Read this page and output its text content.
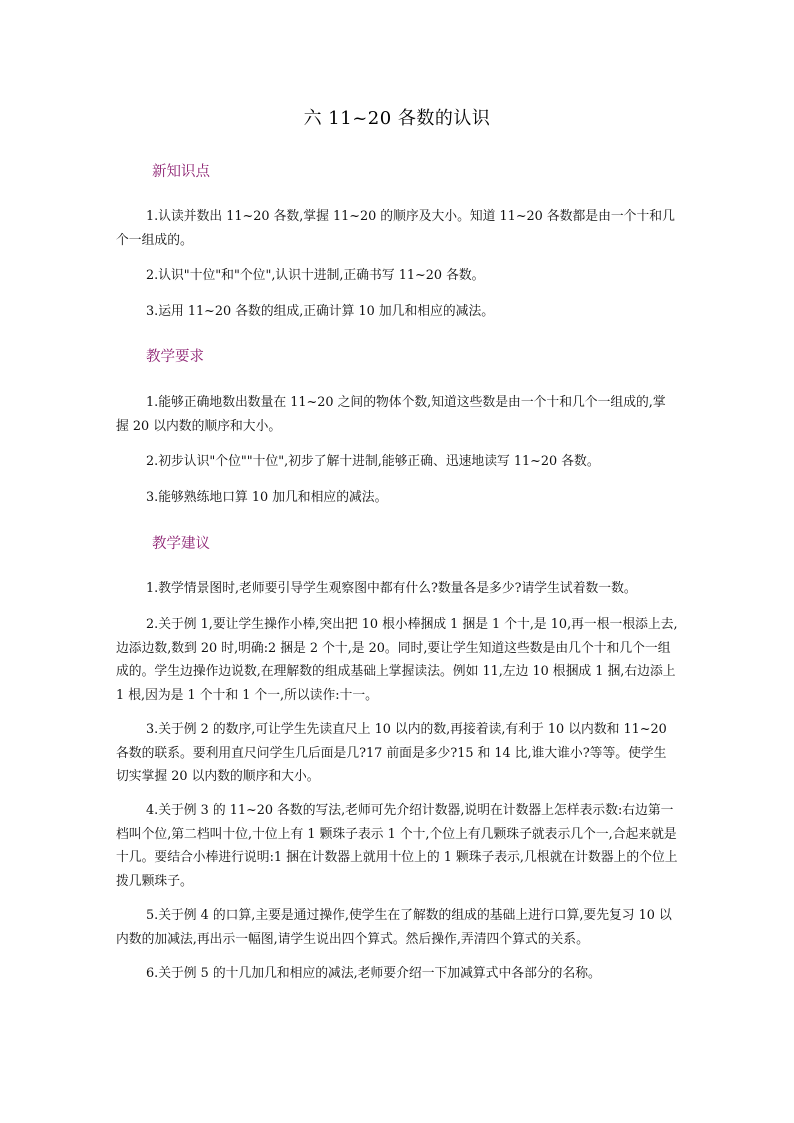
六 11~20 各数的认识
新知识点
1.认读并数出 11~20 各数,掌握 11~20 的顺序及大小。知道 11~20 各数都是由一个十和几个一组成的。
2.认识"十位"和"个位",认识十进制,正确书写 11~20 各数。
3.运用 11~20 各数的组成,正确计算 10 加几和相应的减法。
教学要求
1.能够正确地数出数量在 11~20 之间的物体个数,知道这些数是由一个十和几个一组成的,掌握 20 以内数的顺序和大小。
2.初步认识"个位""十位",初步了解十进制,能够正确、迅速地读写 11~20 各数。
3.能够熟练地口算 10 加几和相应的减法。
教学建议
1.教学情景图时,老师要引导学生观察图中都有什么?数量各是多少?请学生试着数一数。
2.关于例 1,要让学生操作小棒,突出把 10 根小棒捆成 1 捆是 1 个十,是 10,再一根一根添上去,边添边数,数到 20 时,明确:2 捆是 2 个十,是 20。同时,要让学生知道这些数是由几个十和几个一组成的。学生边操作边说数,在理解数的组成基础上掌握读法。例如 11,左边 10 根捆成 1 捆,右边添上 1 根,因为是 1 个十和 1 个一,所以读作:十一。
3.关于例 2 的数序,可让学生先读直尺上 10 以内的数,再接着读,有利于 10 以内数和 11~20 各数的联系。要利用直尺问学生几后面是几?17 前面是多少?15 和 14 比,谁大谁小?等等。使学生切实掌握 20 以内数的顺序和大小。
4.关于例 3 的 11~20 各数的写法,老师可先介绍计数器,说明在计数器上怎样表示数:右边第一档叫个位,第二档叫十位,十位上有 1 颗珠子表示 1 个十,个位上有几颗珠子就表示几个一,合起来就是十几。要结合小棒进行说明:1 捆在计数器上就用十位上的 1 颗珠子表示,几根就在计数器上的个位上拨几颗珠子。
5.关于例 4 的口算,主要是通过操作,使学生在了解数的组成的基础上进行口算,要先复习 10 以内数的加减法,再出示一幅图,请学生说出四个算式。然后操作,弄清四个算式的关系。
6.关于例 5 的十几加几和相应的减法,老师要介绍一下加减算式中各部分的名称。
